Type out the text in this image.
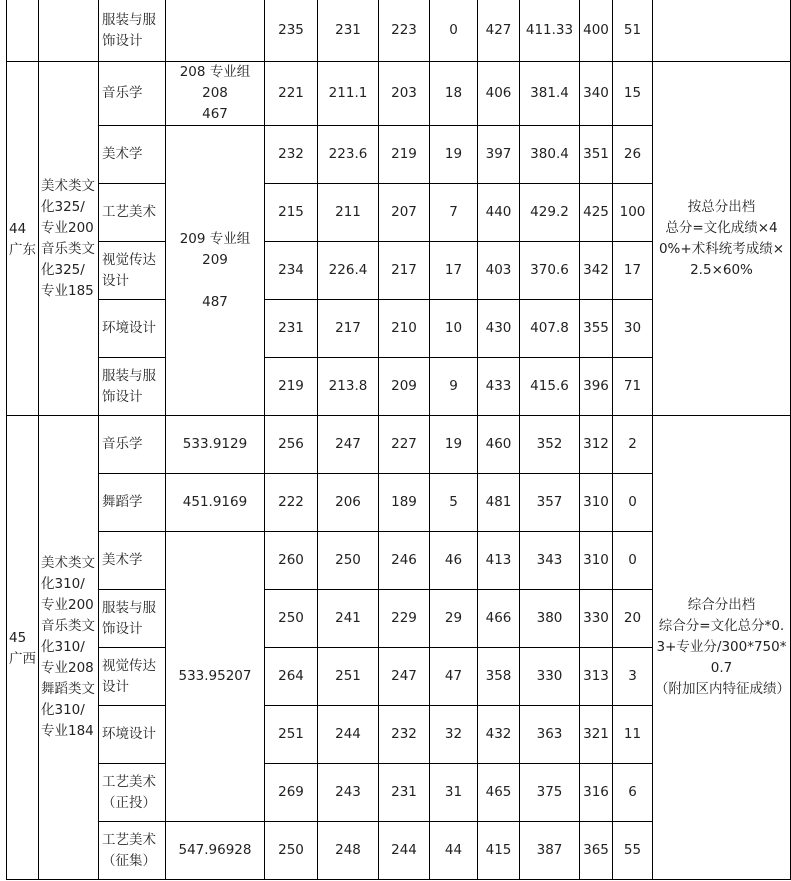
		服装与服
饰设计		235	231	223	0	427	411.33	400	51	
44广东	美术类文化325/专业200
音乐类文化325/专业185	音乐学	208 专业组
208
467	221	211.1	203	18	406	381.4	340	15	按总分出档
总分=文化成绩×40%+术科统考成绩×2.5×60%

		美术学	209 专业组
209
487	232	223.6	219	19	397	380.4	351	26	

		工艺美术		215	211	207	7	440	429.2	425	100	

		视觉传达
设计		234	226.4	217	17	403	370.6	342	17	

		环境设计		231	217	210	10	430	407.8	355	30	

		服装与服
饰设计		219	213.8	209	9	433	415.6	396	71	
45广西	美术类文化310/专业200
音乐类文化310/专业208
舞蹈类文化310/专业184	音乐学	533.9129	256	247	227	19	460	352	312	2	综合分出档
综合分=文化总分*0.3+专业分/300*750*0.7
（附加区内特征成绩）

		舞蹈学	451.9169	222	206	189	5	481	357	310	0	

		美术学	533.95207	260	250	246	46	413	343	310	0	

		服装与服
饰设计		250	241	229	29	466	380	330	20	

		视觉传达
设计		264	251	247	47	358	330	313	3	

		环境设计		251	244	232	32	432	363	321	11	

		工艺美术
（正投）		269	243	231	31	465	375	316	6	

		工艺美术
（征集）	547.96928	250	248	244	44	415	387	365	55	
